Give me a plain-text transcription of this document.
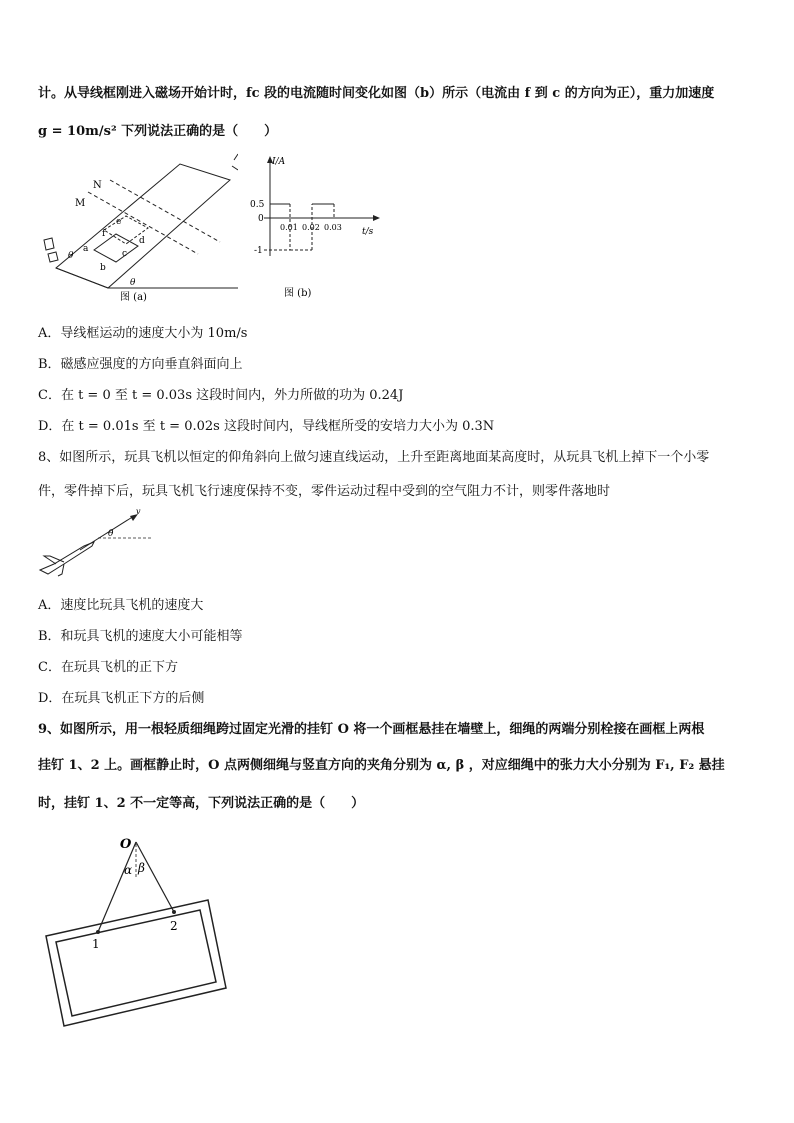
计。从导线框刚进入磁场开始计时，fc 段的电流随时间变化如图（b）所示（电流由 f 到 c 的方向为正），重力加速度
g = 10m/s² 下列说法正确的是（　　）
N
M
e
f
a
b
c
d
θ
θ
图 (a)
I/A
t/s
0.5
0
-1
0.01 0.02 0.03
图 (b)
A．导线框运动的速度大小为 10m/s
B．磁感应强度的方向垂直斜面向上
C．在 t = 0 至 t = 0.03s 这段时间内，外力所做的功为 0.24J
D．在 t = 0.01s 至 t = 0.02s 这段时间内，导线框所受的安培力大小为 0.3N
8、如图所示，玩具飞机以恒定的仰角斜向上做匀速直线运动，上升至距离地面某高度时，从玩具飞机上掉下一个小零
件，零件掉下后，玩具飞机飞行速度保持不变，零件运动过程中受到的空气阻力不计，则零件落地时
v
θ
A．速度比玩具飞机的速度大
B．和玩具飞机的速度大小可能相等
C．在玩具飞机的正下方
D．在玩具飞机正下方的后侧
9、如图所示，用一根轻质细绳跨过固定光滑的挂钉 O 将一个画框悬挂在墙壁上，细绳的两端分别栓接在画框上两根
挂钉 1、2 上。画框静止时，O 点两侧细绳与竖直方向的夹角分别为 α, β ，对应细绳中的张力大小分别为 F₁, F₂ 悬挂
时，挂钉 1、2 不一定等高，下列说法正确的是（　　）
O
α β
1
2
